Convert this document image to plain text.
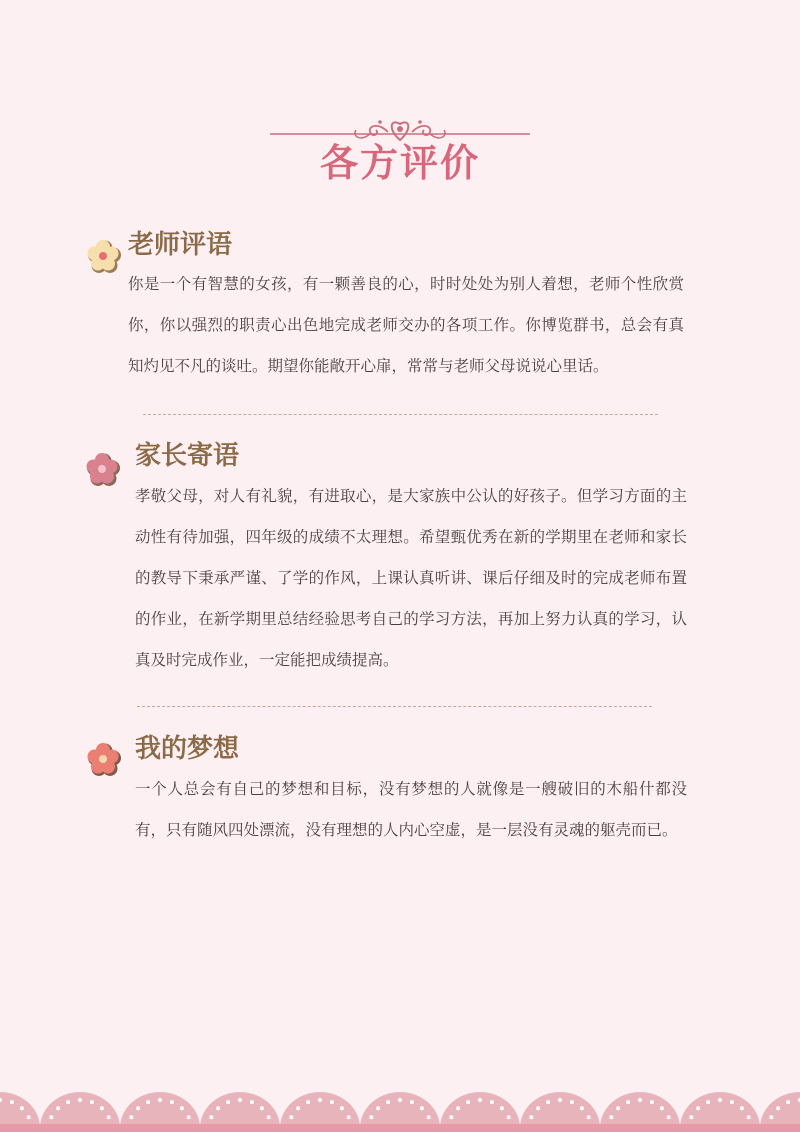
各方评价
老师评语

你是一个有智慧的女孩，有一颗善良的心，时时处处为别人着想，老师个性欣赏你，你以强烈的职责心出色地完成老师交办的各项工作。你博览群书，总会有真知灼见不凡的谈吐。期望你能敞开心扉，常常与老师父母说说心里话。

家长寄语

孝敬父母，对人有礼貌，有进取心，是大家族中公认的好孩子。但学习方面的主动性有待加强，四年级的成绩不太理想。希望甄优秀在新的学期里在老师和家长的教导下秉承严谨、了学的作风，上课认真听讲、课后仔细及时的完成老师布置的作业，在新学期里总结经验思考自己的学习方法，再加上努力认真的学习，认真及时完成作业，一定能把成绩提高。

我的梦想

一个人总会有自己的梦想和目标，没有梦想的人就像是一艘破旧的木船什都没有，只有随风四处漂流，没有理想的人内心空虚，是一层没有灵魂的躯壳而已。
